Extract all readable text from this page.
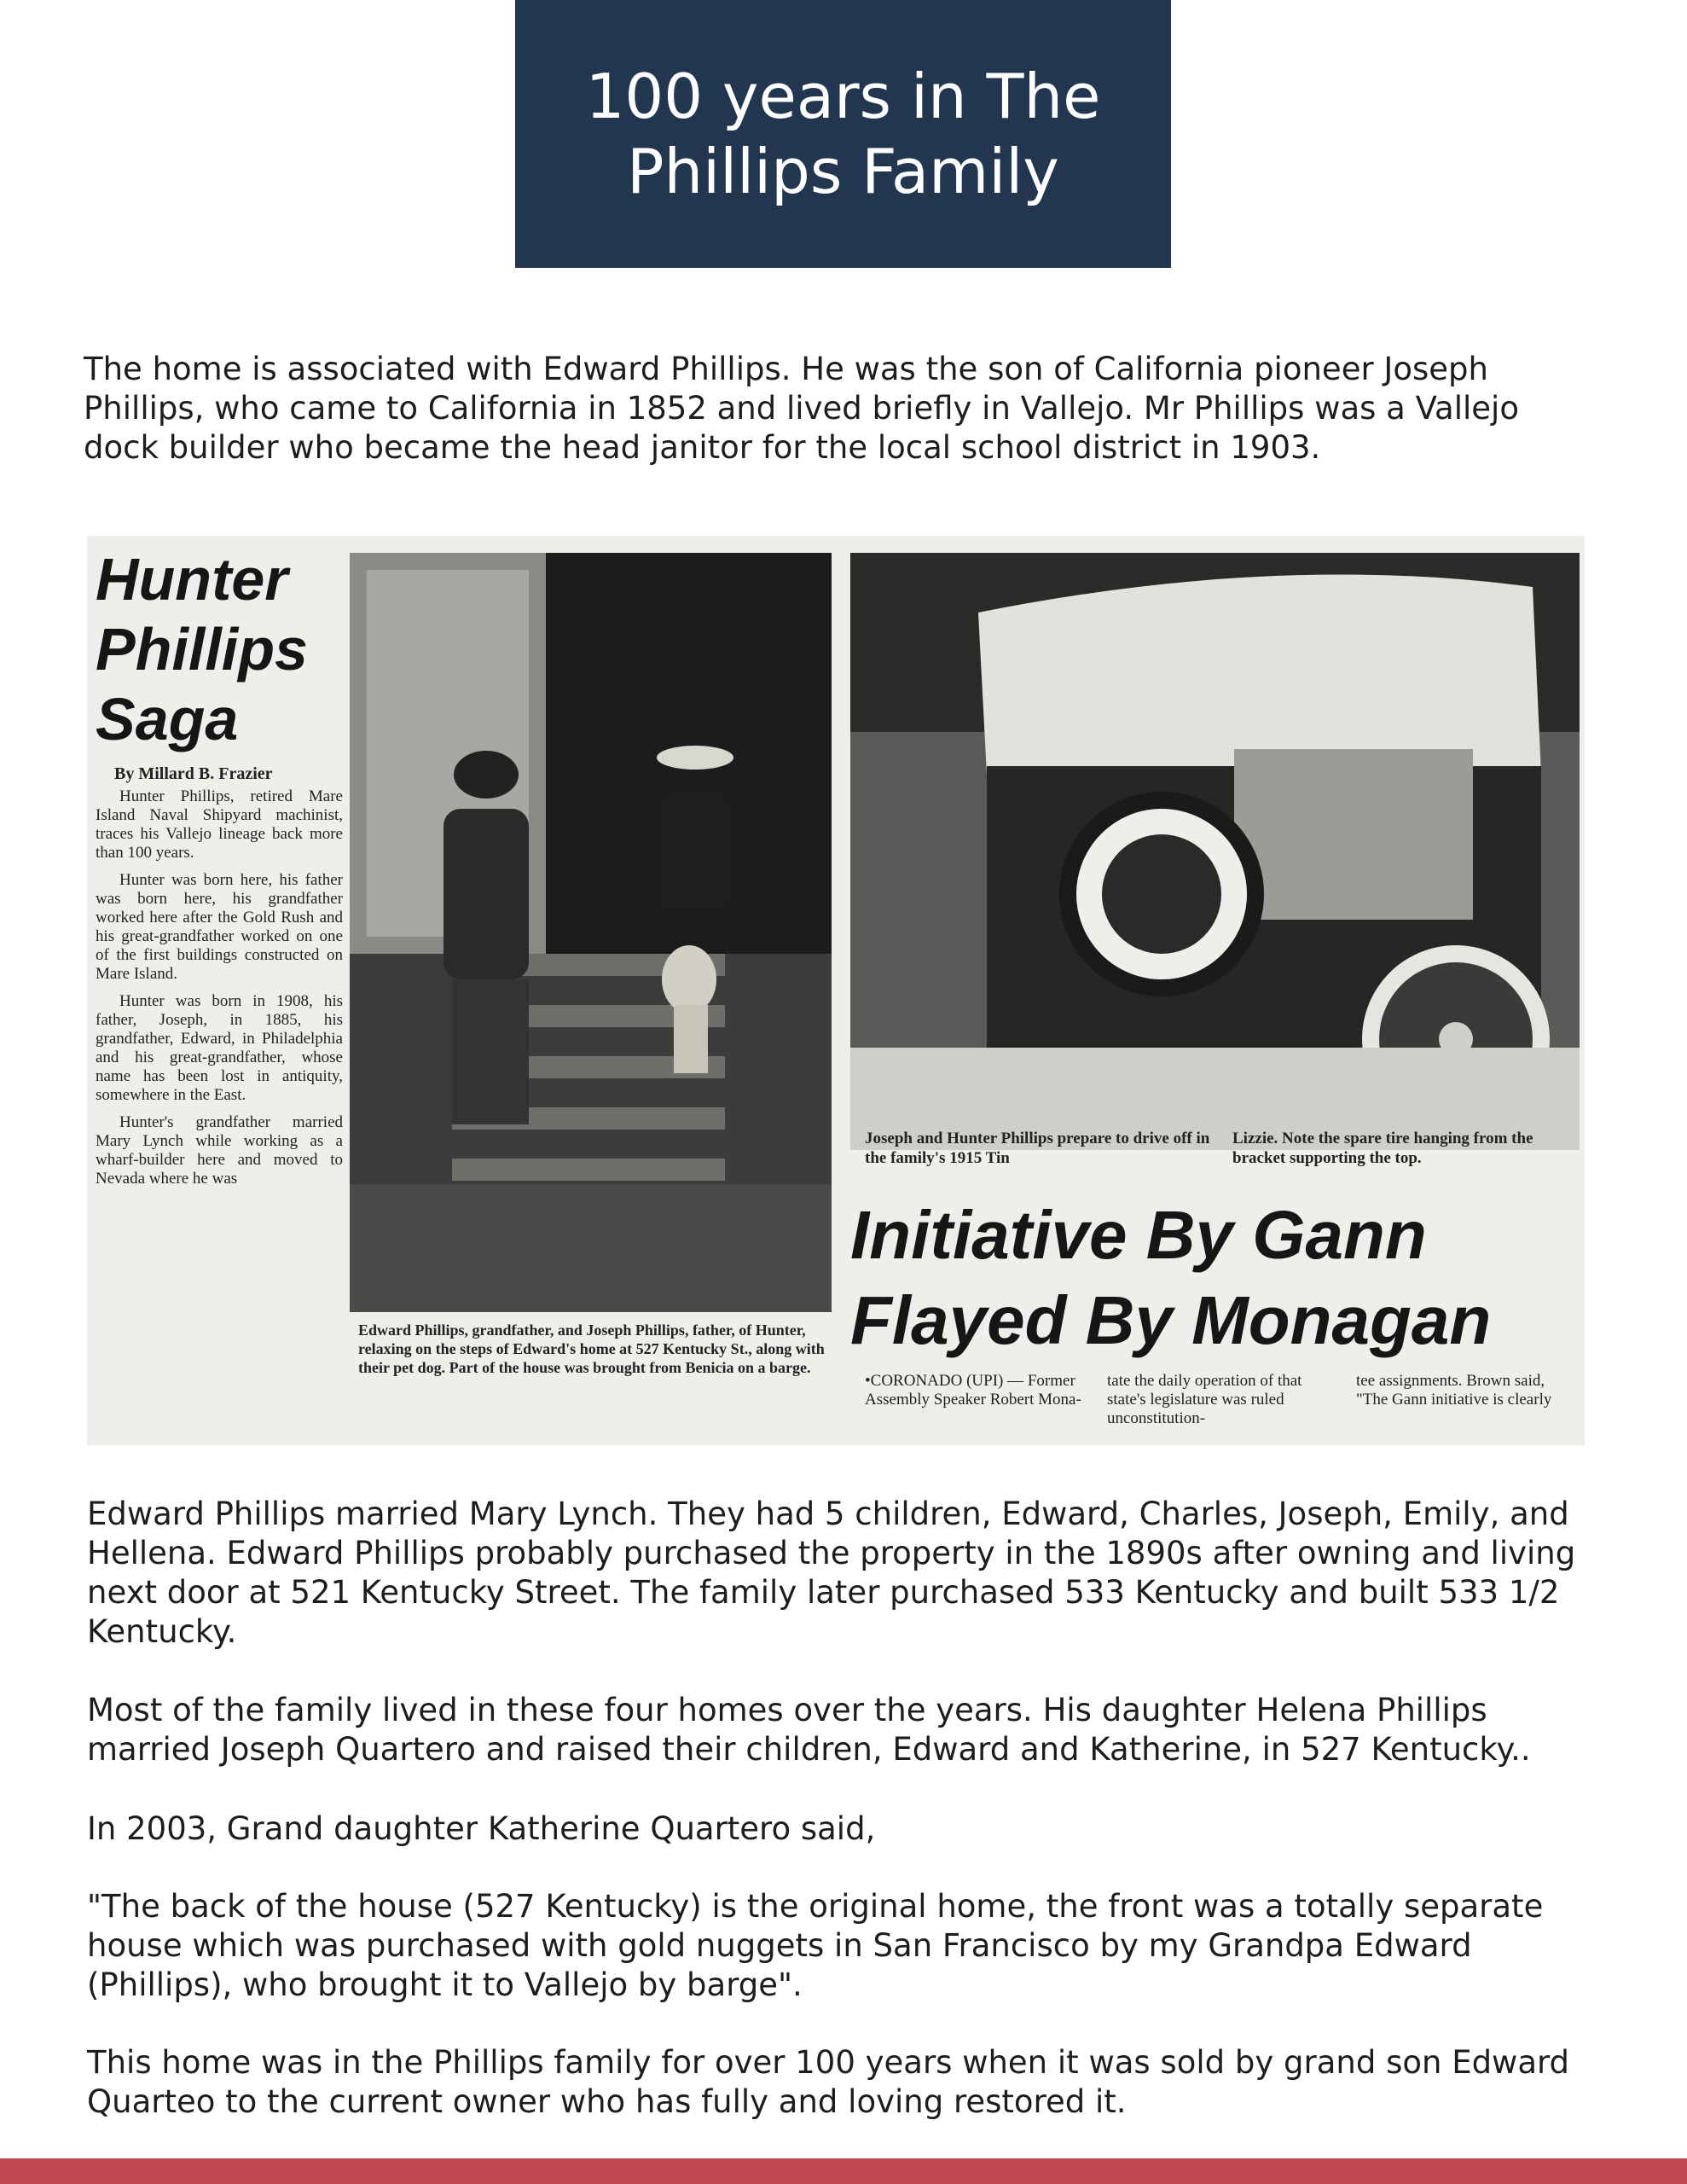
100 years in The
Phillips Family
The home is associated with Edward Phillips. He was the son of California pioneer Joseph
Phillips, who came to California in 1852 and lived briefly in Vallejo. Mr Phillips was a Vallejo
dock builder who became the head janitor for the local school district in 1903.
Hunter Phillips Saga
By Millard B. Frazier

Hunter Phillips, retired Mare Island Naval Shipyard machinist, traces his Vallejo lineage back more than 100 years.

Hunter was born here, his father was born here, his grandfather worked here after the Gold Rush and his great-grandfather worked on one of the first buildings constructed on Mare Island.

Hunter was born in 1908, his father, Joseph, in 1885, his grandfather, Edward, in Philadelphia and his great-grandfather, whose name has been lost in antiquity, somewhere in the East.

Hunter's grandfather married Mary Lynch while working as a wharf-builder here and moved to Nevada where he was

Edward Phillips, grandfather, and Joseph Phillips, father, of Hunter, relaxing on the steps of Edward's home at 527 Kentucky St., along with their pet dog. Part of the house was brought from Benicia on a barge.
Joseph and Hunter Phillips prepare to drive off in the family's 1915 Tin
Lizzie. Note the spare tire hanging from the bracket supporting the top.
Initiative By Gann Flayed By Monagan
•CORONADO (UPI) — Former Assembly Speaker Robert Mona-
tate the daily operation of that state's legislature was ruled unconstitution-
tee assignments. Brown said, "The Gann initiative is clearly
Edward Phillips married Mary Lynch. They had 5 children, Edward, Charles, Joseph, Emily, and
Hellena. Edward Phillips probably purchased the property in the 1890s after owning and living
next door at 521 Kentucky Street. The family later purchased 533 Kentucky and built 533 1/2
Kentucky.
Most of the family lived in these four homes over the years. His daughter Helena Phillips
married Joseph Quartero and raised their children, Edward and Katherine, in 527 Kentucky..
In 2003, Grand daughter Katherine Quartero said,
"The back of the house (527 Kentucky) is the original home, the front was a totally separate
house which was purchased with gold nuggets in San Francisco by my Grandpa Edward
(Phillips), who brought it to Vallejo by barge".
This home was in the Phillips family for over 100 years when it was sold by grand son Edward
Quarteo to the current owner who has fully and loving restored it.
